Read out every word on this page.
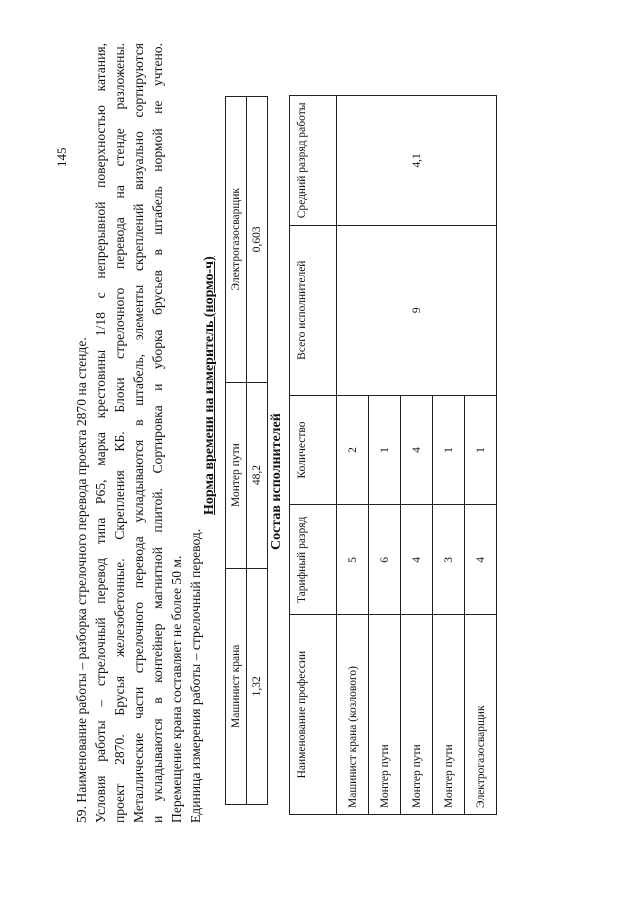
145

59. Наименование работы – разборка стрелочного перевода проекта 2870 на стенде. Условия работы – стрелочный перевод типа Р65, марка крестовины 1/18 с непрерывной поверхностью катания, проект 2870. Брусья железобетонные. Скрепления КБ. Блоки стрелочного перевода на стенде разложены. Металлические части стрелочного перевода укладываются в штабель, элементы скреплений визуально сортируются и укладываются в контейнер магнитной плитой. Сортировка и уборка брусьев в штабель нормой не учтено. Перемещение крана составляет не более 50 м. Единица измерения работы – стрелочный перевод.

Норма времени на измеритель (нормо-ч)
Машинист крана	Монтер пути	Электрогазосварщик
1,32	48,2	0,603
Состав исполнителей
Наименование профессии	Тарифный разряд	Количество	Всего исполнителей	Средний разряд работы
Машинист крана (козлового)	5	2	9	4,1
Монтер пути	6	1		
Монтер пути	4	4		
Монтер пути	3	1		
Электрогазосварщик	4	1		
